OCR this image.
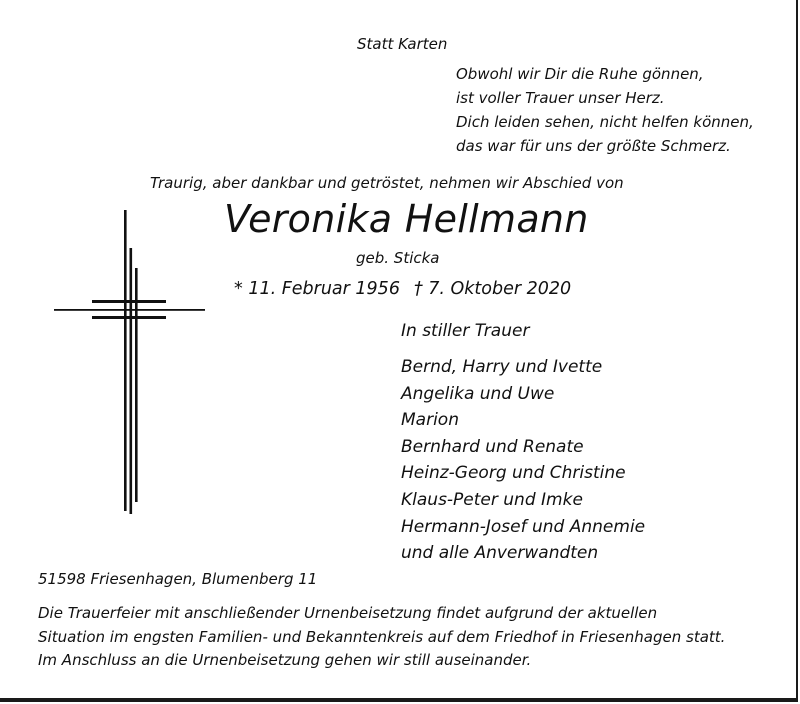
Statt Karten

Obwohl wir Dir die Ruhe gönnen,
ist voller Trauer unser Herz.
Dich leiden sehen, nicht helfen können,
das war für uns der größte Schmerz.

Traurig, aber dankbar und getröstet, nehmen wir Abschied von

Veronika Hellmann

geb. Sticka

* 11. Februar 1956 † 7. Oktober 2020

In stiller Trauer

Bernd, Harry und Ivette
Angelika und Uwe
Marion
Bernhard und Renate
Heinz-Georg und Christine
Klaus-Peter und Imke
Hermann-Josef und Annemie
und alle Anverwandten

51598 Friesenhagen, Blumenberg 11

Die Trauerfeier mit anschließender Urnenbeisetzung findet aufgrund der aktuellen
Situation im engsten Familien- und Bekanntenkreis auf dem Friedhof in Friesenhagen statt.
Im Anschluss an die Urnenbeisetzung gehen wir still auseinander.
